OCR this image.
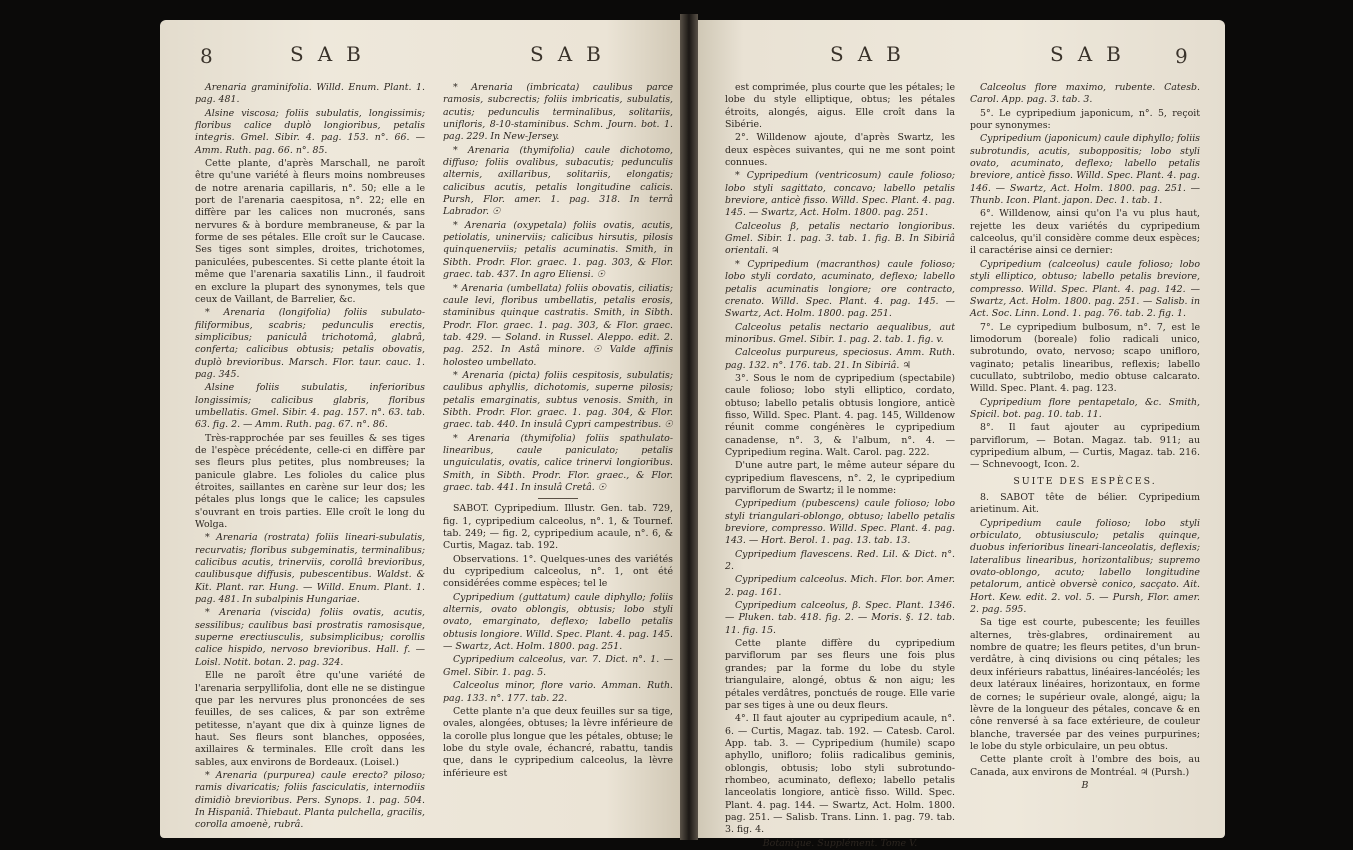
8	SAB	SAB	SAB	SAB 9

Arenaria graminifolia. Willd. Enum. Plant. 1. pag. 481.

Alsine viscosa; foliis subulatis, longissimis; floribus calice duplò longioribus, petalis integris. Gmel. Sibir. 4. pag. 153. n°. 66. — Amm. Ruth. pag. 66. n°. 85.

Cette plante, d'après Marschall, ne paroît être qu'une variété à fleurs moins nombreuses de notre arenaria capillaris, n°. 50; elle a le port de l'arenaria caespitosa, n°. 22; elle en diffère par les calices non mucronés, sans nervures & à bordure membraneuse, & par la forme de ses pétales. Elle croît sur le Caucase. Ses tiges sont simples, droites, trichotomes, paniculées, pubescentes. Si cette plante étoit la même que l'arenaria saxatilis Linn., il faudroit en exclure la plupart des synonymes, tels que ceux de Vaillant, de Barrelier, &c.

* Arenaria (longifolia) foliis subulato-filiformibus, scabris; pedunculis erectis, simplicibus; paniculâ trichotomâ, glabrâ, conferta; calicibus obtusis; petalis obovatis, duplò brevioribus. Marsch. Flor. taur. cauc. 1. pag. 345.

Alsine foliis subulatis, inferioribus longissimis; calicibus glabris, floribus umbellatis. Gmel. Sibir. 4. pag. 157. n°. 63. tab. 63. fig. 2. — Amm. Ruth. pag. 67. n°. 86.

Très-rapprochée par ses feuilles & ses tiges de l'espèce précédente, celle-ci en diffère par ses fleurs plus petites, plus nombreuses; la panicule glabre. Les folioles du calice plus étroites, saillantes en carène sur leur dos; les pétales plus longs que le calice; les capsules s'ouvrant en trois parties. Elle croît le long du Wolga.

* Arenaria (rostrata) foliis lineari-subulatis, recurvatis; floribus subgeminatis, terminalibus; calicibus acutis, trinerviis, corollâ brevioribus, caulibusque diffusis, pubescentibus. Waldst. & Kit. Plant. rar. Hung. — Willd. Enum. Plant. 1. pag. 481. In subalpinis Hungariae.

* Arenaria (viscida) foliis ovatis, acutis, sessilibus; caulibus basi prostratis ramosisque, superne erectiusculis, subsimplicibus; corollis calice hispido, nervoso brevioribus. Hall. f. — Loisl. Notit. botan. 2. pag. 324.

Elle ne paroît être qu'une variété de l'arenaria serpyllifolia, dont elle ne se distingue que par les nervures plus prononcées de ses feuilles, de ses calices, & par son extrême petitesse, n'ayant que dix à quinze lignes de haut. Ses fleurs sont blanches, opposées, axillaires & terminales. Elle croît dans les sables, aux environs de Bordeaux. (Loisel.)

* Arenaria (purpurea) caule erecto? piloso; ramis divaricatis; foliis fasciculatis, internodiis dimidiò brevioribus. Pers. Synops. 1. pag. 504. In Hispaniâ. Thiebaut. Planta pulchella, gracilis, corolla amoenè, rubrâ.

* Arenaria (imbricata) caulibus parce ramosis, subcrectis; foliis imbricatis, subulatis, acutis; pedunculis terminalibus, solitariis, unifloris, 8-10-staminibus. Schm. Journ. bot. 1. pag. 229. In New-Jersey.

* Arenaria (thymifolia) caule dichotomo, diffuso; foliis ovalibus, subacutis; pedunculis alternis, axillaribus, solitariis, elongatis; calicibus acutis, petalis longitudine calicis. Pursh, Flor. amer. 1. pag. 318. In terrâ Labrador. ☉

* Arenaria (oxypetala) foliis ovatis, acutis, petiolatis, uninerviis; calicibus hirsutis, pilosis quinquenerviis; petalis acuminatis. Smith, in Sibth. Prodr. Flor. graec. 1. pag. 303, & Flor. graec. tab. 437. In agro Eliensi. ☉

* Arenaria (umbellata) foliis obovatis, ciliatis; caule levi, floribus umbellatis, petalis erosis, staminibus quinque castratis. Smith, in Sibth. Prodr. Flor. graec. 1. pag. 303, & Flor. graec. tab. 429. — Soland. in Russel. Aleppo. edit. 2. pag. 252. In Astâ minore. ☉ Valde affinis holosteo umbellato.

* Arenaria (picta) foliis cespitosis, subulatis; caulibus aphyllis, dichotomis, superne pilosis; petalis emarginatis, subtus venosis. Smith, in Sibth. Prodr. Flor. graec. 1. pag. 304, & Flor. graec. tab. 440. In insulâ Cypri campestribus. ☉

* Arenaria (thymifolia) foliis spathulato-linearibus, caule paniculato; petalis unguiculatis, ovatis, calice trinervi longioribus. Smith, in Sibth. Prodr. Flor. graec., & Flor. graec. tab. 441. In insulâ Cretâ. ☉

SABOT. Cypripedium. Illustr. Gen. tab. 729, fig. 1, cypripedium calceolus, n°. 1, & Tournef. tab. 249; — fig. 2, cypripedium acaule, n°. 6, & Curtis, Magaz. tab. 192.

Observations. 1°. Quelques-unes des variétés du cypripedium calceolus, n°. 1, ont été considérées comme espèces; tel le

Cypripedium (guttatum) caule diphyllo; foliis alternis, ovato oblongis, obtusis; lobo styli ovato, emarginato, deflexo; labello petalis obtusis longiore. Willd. Spec. Plant. 4. pag. 145. — Swartz, Act. Holm. 1800. pag. 251.

Cypripedium calceolus, var. 7. Dict. n°. 1. — Gmel. Sibir. 1. pag. 5.

Calceolus minor, flore vario. Amman. Ruth. pag. 133. n°. 177. tab. 22.

Cette plante n'a que deux feuilles sur sa tige, ovales, alongées, obtuses; la lèvre inférieure de la corolle plus longue que les pétales, obtuse; le lobe du style ovale, échancré, rabattu, tandis que, dans le cypripedium calceolus, la lèvre inférieure est

est comprimée, plus courte que les pétales; le lobe du style elliptique, obtus; les pétales étroits, alongés, aigus. Elle croît dans la Sibérie.

2°. Willdenow ajoute, d'après Swartz, les deux espèces suivantes, qui ne me sont point connues.

* Cypripedium (ventricosum) caule folioso; lobo styli sagittato, concavo; labello petalis breviore, anticè fisso. Willd. Spec. Plant. 4. pag. 145. — Swartz, Act. Holm. 1800. pag. 251.

Calceolus β, petalis nectario longioribus. Gmel. Sibir. 1. pag. 3. tab. 1. fig. B. In Sibiriâ orientali. ♃

* Cypripedium (macranthos) caule folioso; lobo styli cordato, acuminato, deflexo; labello petalis acuminatis longiore; ore contracto, crenato. Willd. Spec. Plant. 4. pag. 145. — Swartz, Act. Holm. 1800. pag. 251.

Calceolus petalis nectario aequalibus, aut minoribus. Gmel. Sibir. 1. pag. 2. tab. 1. fig. v.

Calceolus purpureus, speciosus. Amm. Ruth. pag. 132. n°. 176. tab. 21. In Sibiriâ. ♃

3°. Sous le nom de cypripedium (spectabile) caule folioso; lobo styli elliptico, cordato, obtuso; labello petalis obtusis longiore, anticè fisso, Willd. Spec. Plant. 4. pag. 145, Willdenow réunit comme congénères le cypripedium canadense, n°. 3, & l'album, n°. 4. — Cypripedium regina. Walt. Carol. pag. 222.

D'une autre part, le même auteur sépare du cypripedium flavescens, n°. 2, le cypripedium parviflorum de Swartz; il le nomme:

Cypripedium (pubescens) caule folioso; lobo styli triangulari-oblongo, obtuso; labello petalis breviore, compresso. Willd. Spec. Plant. 4. pag. 143. — Hort. Berol. 1. pag. 13. tab. 13.

Cypripedium flavescens. Red. Lil. & Dict. n°. 2.

Cypripedium calceolus. Mich. Flor. bor. Amer. 2. pag. 161.

Cypripedium calceolus, β. Spec. Plant. 1346. — Pluken. tab. 418. fig. 2. — Moris. §. 12. tab. 11. fig. 15.

Cette plante diffère du cypripedium parviflorum par ses fleurs une fois plus grandes; par la forme du lobe du style triangulaire, alongé, obtus & non aigu; les pétales verdâtres, ponctués de rouge. Elle varie par ses tiges à une ou deux fleurs.

4°. Il faut ajouter au cypripedium acaule, n°. 6. — Curtis, Magaz. tab. 192. — Catesb. Carol. App. tab. 3. — Cypripedium (humile) scapo aphyllo, unifloro; foliis radicalibus geminis, oblongis, obtusis; lobo styli subrotundo-rhombeo, acuminato, deflexo; labello petalis lanceolatis longiore, anticè fisso. Willd. Spec. Plant. 4. pag. 144. — Swartz, Act. Holm. 1800. pag. 251. — Salisb. Trans. Linn. 1. pag. 79. tab. 3. fig. 4.

Botanique. Supplément. Tome V.

Calceolus flore maximo, rubente. Catesb. Carol. App. pag. 3. tab. 3.

5°. Le cypripedium japonicum, n°. 5, reçoit pour synonymes:

Cypripedium (japonicum) caule diphyllo; foliis subrotundis, acutis, suboppositis; lobo styli ovato, acuminato, deflexo; labello petalis breviore, anticè fisso. Willd. Spec. Plant. 4. pag. 146. — Swartz, Act. Holm. 1800. pag. 251. — Thunb. Icon. Plant. japon. Dec. 1. tab. 1.

6°. Willdenow, ainsi qu'on l'a vu plus haut, rejette les deux variétés du cypripedium calceolus, qu'il considère comme deux espèces; il caractérise ainsi ce dernier:

Cypripedium (calceolus) caule folioso; lobo styli elliptico, obtuso; labello petalis breviore, compresso. Willd. Spec. Plant. 4. pag. 142. — Swartz, Act. Holm. 1800. pag. 251. — Salisb. in Act. Soc. Linn. Lond. 1. pag. 76. tab. 2. fig. 1.

7°. Le cypripedium bulbosum, n°. 7, est le limodorum (boreale) folio radicali unico, subrotundo, ovato, nervoso; scapo unifloro, vaginato; petalis linearibus, reflexis; labello cucullato, subtrilobo, medio obtuse calcarato. Willd. Spec. Plant. 4. pag. 123.

Cypripedium flore pentapetalo, &c. Smith, Spicil. bot. pag. 10. tab. 11.

8°. Il faut ajouter au cypripedium parviflorum, — Botan. Magaz. tab. 911; au cypripedium album, — Curtis, Magaz. tab. 216. — Schnevoogt, Icon. 2.

SUITE DES ESPÈCES.

8. SABOT tête de bélier. Cypripedium arietinum. Ait.

Cypripedium caule folioso; lobo styli orbiculato, obtusiusculo; petalis quinque, duobus inferioribus lineari-lanceolatis, deflexis; lateralibus linearibus, horizontalibus; supremo ovato-oblongo, acuto; labello longitudine petalorum, anticè obversè conico, sacçato. Ait. Hort. Kew. edit. 2. vol. 5. — Pursh, Flor. amer. 2. pag. 595.

Sa tige est courte, pubescente; les feuilles alternes, très-glabres, ordinairement au nombre de quatre; les fleurs petites, d'un brun-verdâtre, à cinq divisions ou cinq pétales; les deux inférieurs rabattus, linéaires-lancéolés; les deux latéraux linéaires, horizontaux, en forme de cornes; le supérieur ovale, alongé, aigu; la lèvre de la longueur des pétales, concave & en cône renversé à sa face extérieure, de couleur blanche, traversée par des veines purpurines; le lobe du style orbiculaire, un peu obtus.

Cette plante croît à l'ombre des bois, au Canada, aux environs de Montréal. ♃ (Pursh.)

B
